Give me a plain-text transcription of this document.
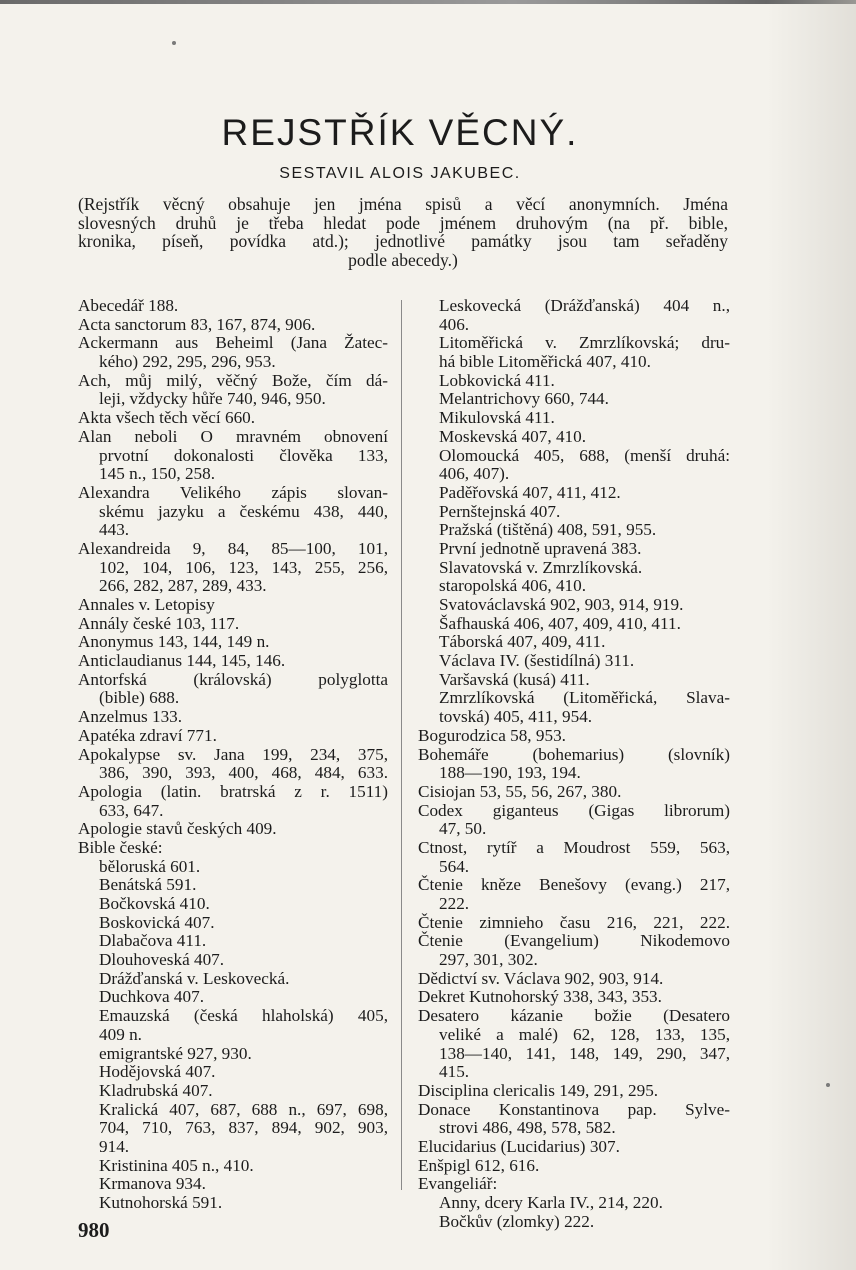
REJSTŘÍK VĚCNÝ.
SESTAVIL ALOIS JAKUBEC.
(Rejstřík věcný obsahuje jen jména spisů a věcí anonymních. Jména
slovesných druhů je třeba hledat pode jménem druhovým (na př. bible,
kronika, píseň, povídka atd.); jednotlivé památky jsou tam seřaděny
podle abecedy.)
Abecedář 188.
Acta sanctorum 83, 167, 874, 906.
Ackermann aus Beheiml (Jana Žatec-
kého) 292, 295, 296, 953.
Ach, můj milý, věčný Bože, čím dá-
leji, vždycky hůře 740, 946, 950.
Akta všech těch věcí 660.
Alan neboli O mravném obnovení
prvotní dokonalosti člověka 133,
145 n., 150, 258.
Alexandra Velikého zápis slovan-
skému jazyku a českému 438, 440,
443.
Alexandreida 9, 84, 85—100, 101,
102, 104, 106, 123, 143, 255, 256,
266, 282, 287, 289, 433.
Annales v. Letopisy
Annály české 103, 117.
Anonymus 143, 144, 149 n.
Anticlaudianus 144, 145, 146.
Antorfská (královská) polyglotta
(bible) 688.
Anzelmus 133.
Apatéka zdraví 771.
Apokalypse sv. Jana 199, 234, 375,
386, 390, 393, 400, 468, 484, 633.
Apologia (latin. bratrská z r. 1511)
633, 647.
Apologie stavů českých 409.
Bible české:
běloruská 601.
Benátská 591.
Bočkovská 410.
Boskovická 407.
Dlabačova 411.
Dlouhoveská 407.
Drážďanská v. Leskovecká.
Duchkova 407.
Emauzská (česká hlaholská) 405,
409 n.
emigrantské 927, 930.
Hodějovská 407.
Kladrubská 407.
Kralická 407, 687, 688 n., 697, 698,
704, 710, 763, 837, 894, 902, 903,
914.
Kristinina 405 n., 410.
Krmanova 934.
Kutnohorská 591.
Leskovecká (Drážďanská) 404 n.,
406.
Litoměřická v. Zmrzlíkovská; dru-
há bible Litoměřická 407, 410.
Lobkovická 411.
Melantrichovy 660, 744.
Mikulovská 411.
Moskevská 407, 410.
Olomoucká 405, 688, (menší druhá:
406, 407).
Paděřovská 407, 411, 412.
Pernštejnská 407.
Pražská (tištěná) 408, 591, 955.
První jednotně upravená 383.
Slavatovská v. Zmrzlíkovská.
staropolská 406, 410.
Svatováclavská 902, 903, 914, 919.
Šafhauská 406, 407, 409, 410, 411.
Táborská 407, 409, 411.
Václava IV. (šestidílná) 311.
Varšavská (kusá) 411.
Zmrzlíkovská (Litoměřická, Slava-
tovská) 405, 411, 954.
Bogurodzica 58, 953.
Bohemáře (bohemarius) (slovník)
188—190, 193, 194.
Cisiojan 53, 55, 56, 267, 380.
Codex giganteus (Gigas librorum)
47, 50.
Ctnost, rytíř a Moudrost 559, 563,
564.
Čtenie kněze Benešovy (evang.) 217,
222.
Čtenie zimnieho času 216, 221, 222.
Čtenie (Evangelium) Nikodemovo
297, 301, 302.
Dědictví sv. Václava 902, 903, 914.
Dekret Kutnohorský 338, 343, 353.
Desatero kázanie božie (Desatero
veliké a malé) 62, 128, 133, 135,
138—140, 141, 148, 149, 290, 347,
415.
Disciplina clericalis 149, 291, 295.
Donace Konstantinova pap. Sylve-
strovi 486, 498, 578, 582.
Elucidarius (Lucidarius) 307.
Enšpigl 612, 616.
Evangeliář:
Anny, dcery Karla IV., 214, 220.
Bočkův (zlomky) 222.
980
